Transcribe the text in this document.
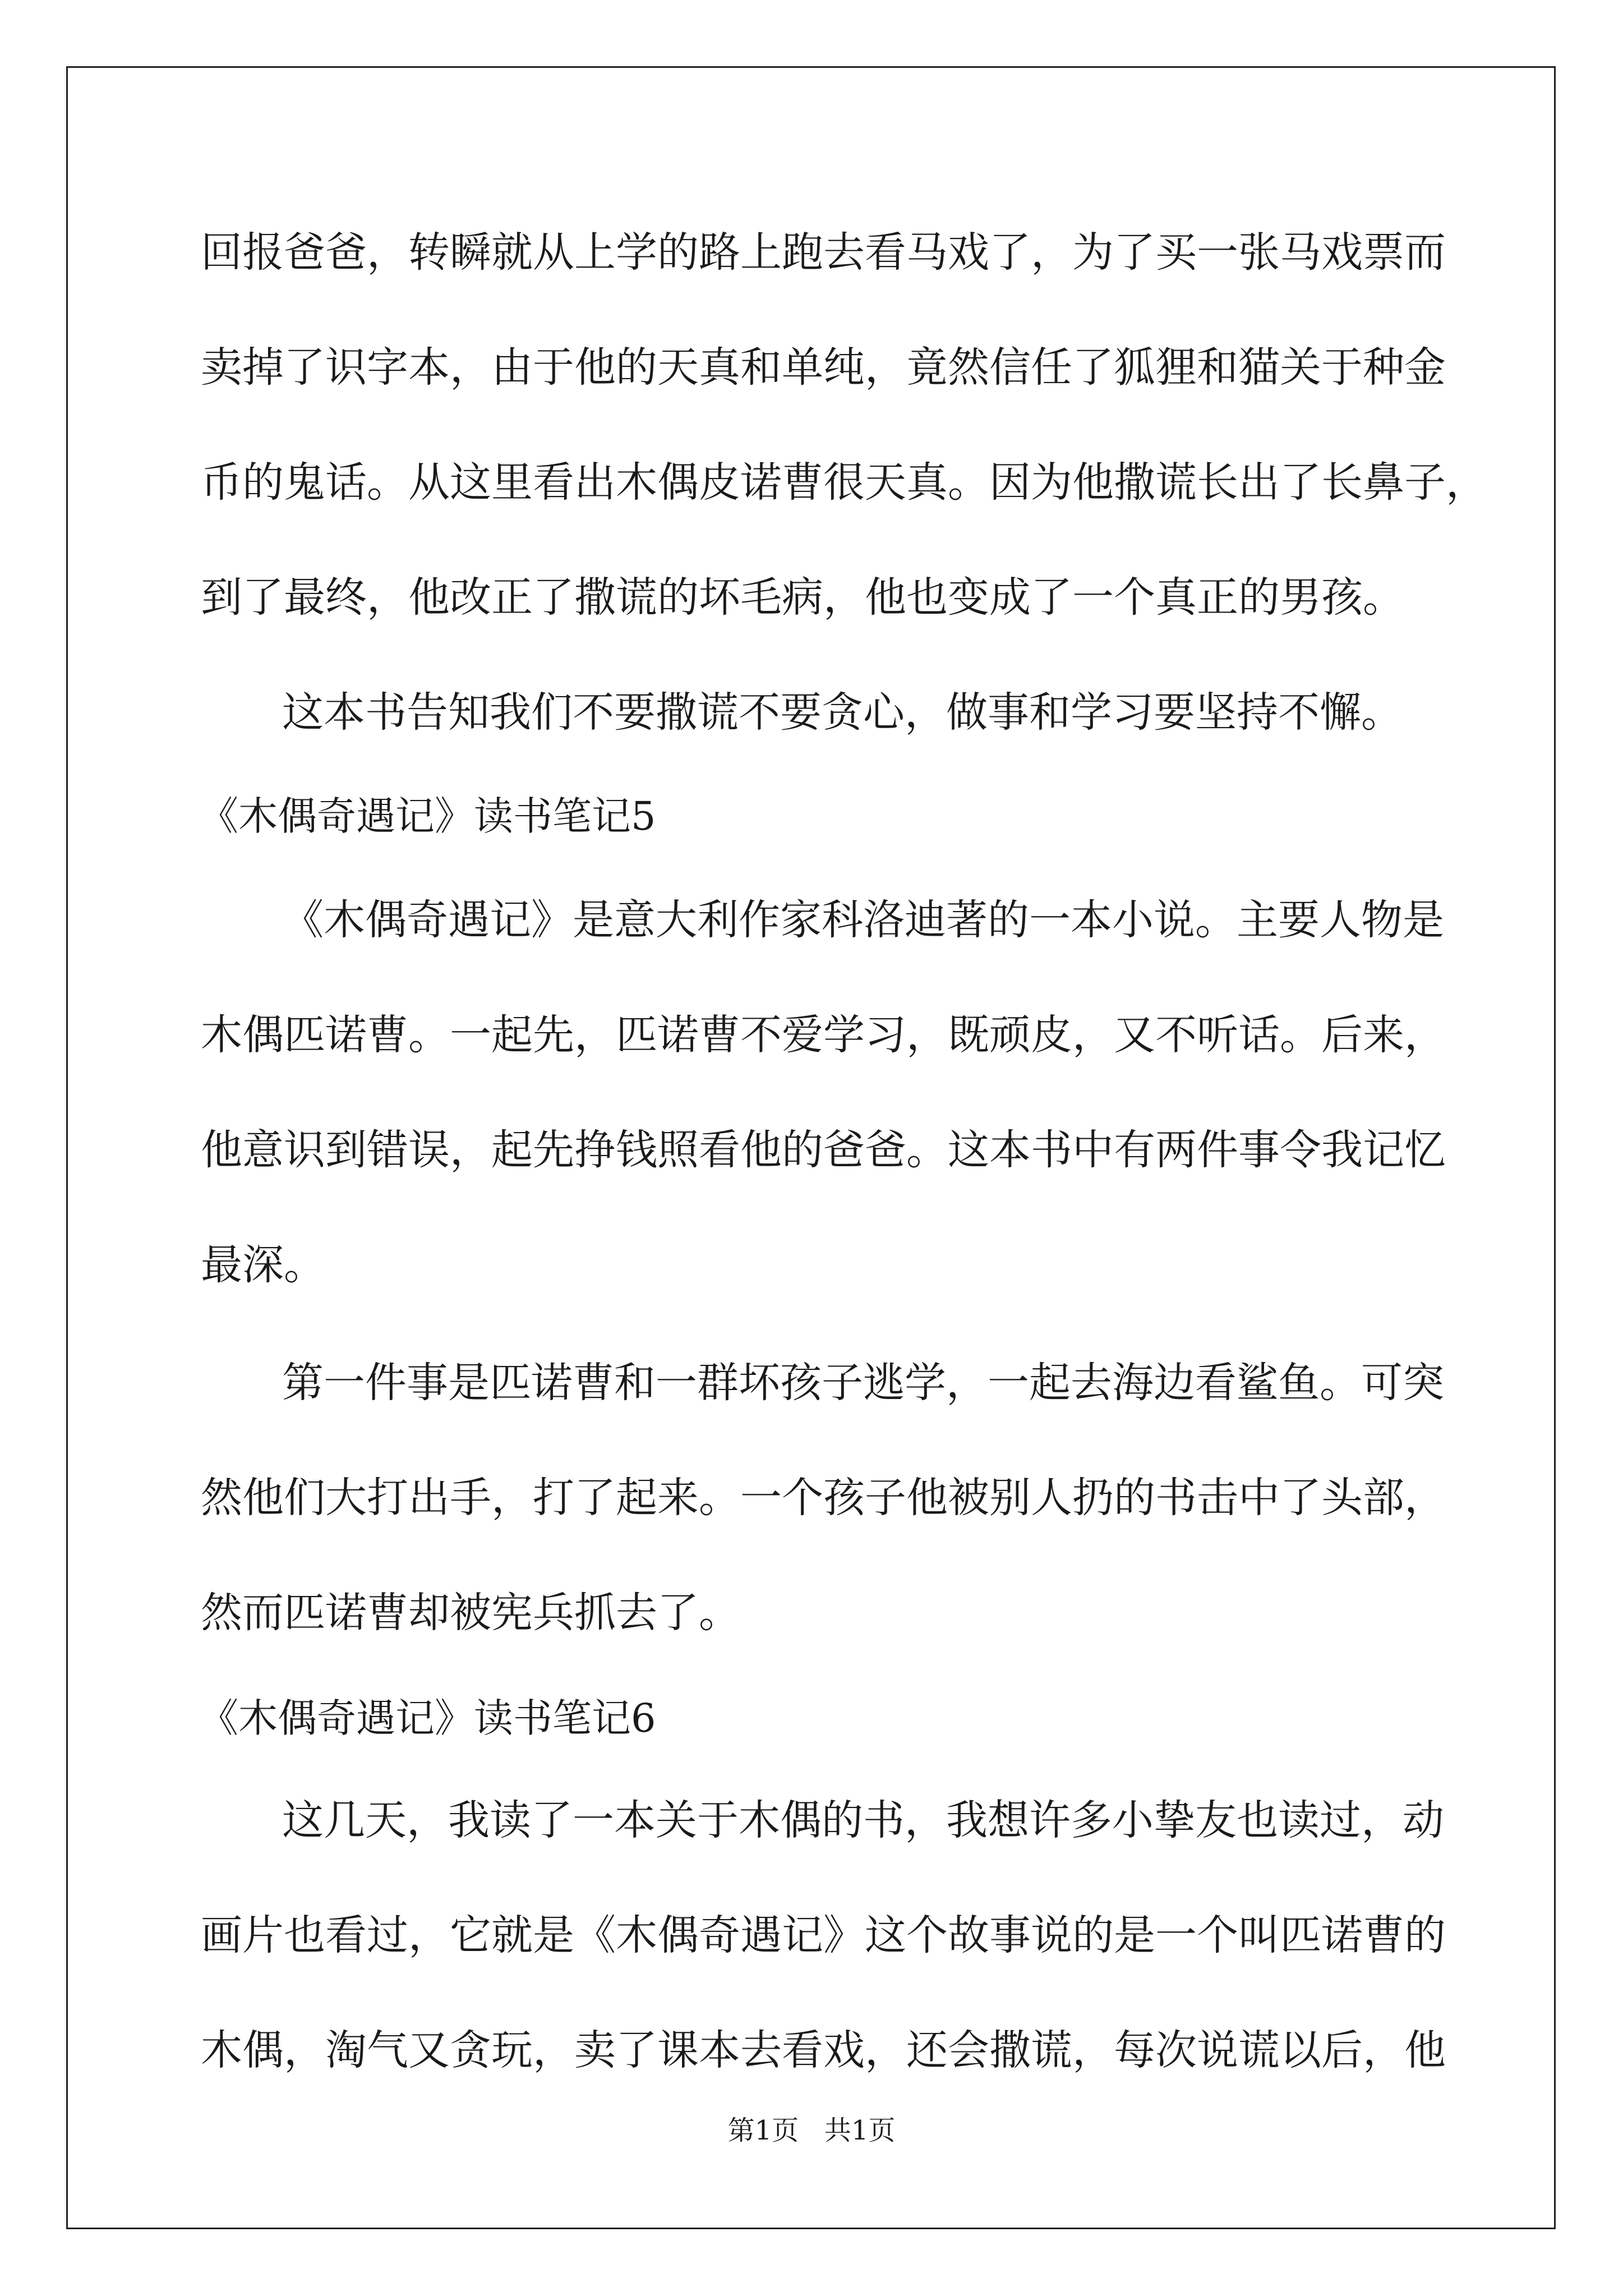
回报爸爸，转瞬就从上学的路上跑去看马戏了，为了买一张马戏票而
卖掉了识字本，由于他的天真和单纯，竟然信任了狐狸和猫关于种金
币的鬼话。从这里看出木偶皮诺曹很天真。因为他撒谎长出了长鼻子，
到了最终，他改正了撒谎的坏毛病，他也变成了一个真正的男孩。
这本书告知我们不要撒谎不要贪心，做事和学习要坚持不懈。
《木偶奇遇记》读书笔记5
《木偶奇遇记》是意大利作家科洛迪著的一本小说。主要人物是
木偶匹诺曹。一起先，匹诺曹不爱学习，既顽皮，又不听话。后来，
他意识到错误，起先挣钱照看他的爸爸。这本书中有两件事令我记忆
最深。
第一件事是匹诺曹和一群坏孩子逃学，一起去海边看鲨鱼。可突
然他们大打出手，打了起来。一个孩子他被别人扔的书击中了头部，
然而匹诺曹却被宪兵抓去了。
《木偶奇遇记》读书笔记6
这几天，我读了一本关于木偶的书，我想许多小挚友也读过，动
画片也看过，它就是《木偶奇遇记》这个故事说的是一个叫匹诺曹的
木偶，淘气又贪玩，卖了课本去看戏，还会撒谎，每次说谎以后，他
第1页   共1页
